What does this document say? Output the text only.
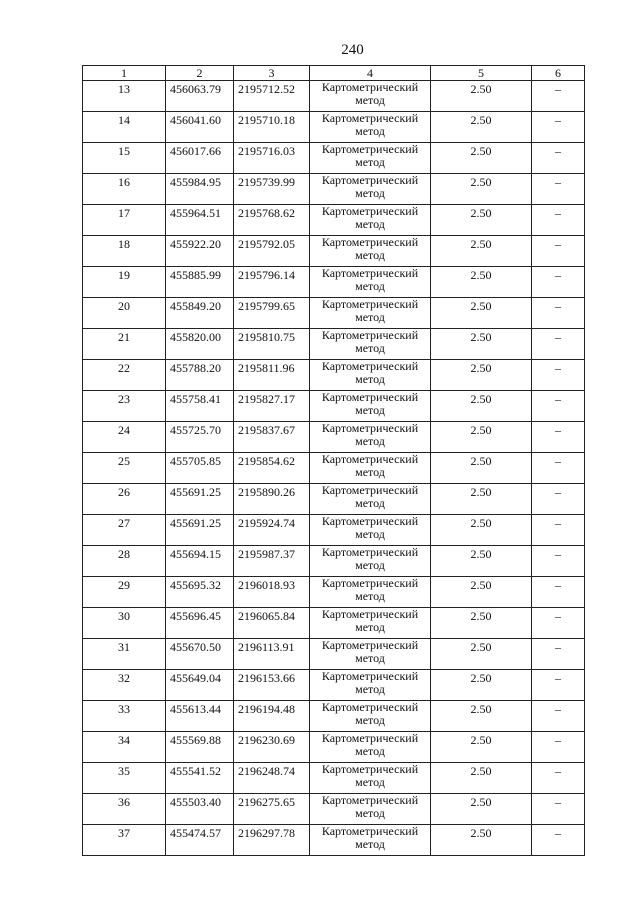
240
1	2	3	4	5	6
13	456063.79	2195712.52	Картометрический метод	2.50	–
14	456041.60	2195710.18	Картометрический метод	2.50	–
15	456017.66	2195716.03	Картометрический метод	2.50	–
16	455984.95	2195739.99	Картометрический метод	2.50	–
17	455964.51	2195768.62	Картометрический метод	2.50	–
18	455922.20	2195792.05	Картометрический метод	2.50	–
19	455885.99	2195796.14	Картометрический метод	2.50	–
20	455849.20	2195799.65	Картометрический метод	2.50	–
21	455820.00	2195810.75	Картометрический метод	2.50	–
22	455788.20	2195811.96	Картометрический метод	2.50	–
23	455758.41	2195827.17	Картометрический метод	2.50	–
24	455725.70	2195837.67	Картометрический метод	2.50	–
25	455705.85	2195854.62	Картометрический метод	2.50	–
26	455691.25	2195890.26	Картометрический метод	2.50	–
27	455691.25	2195924.74	Картометрический метод	2.50	–
28	455694.15	2195987.37	Картометрический метод	2.50	–
29	455695.32	2196018.93	Картометрический метод	2.50	–
30	455696.45	2196065.84	Картометрический метод	2.50	–
31	455670.50	2196113.91	Картометрический метод	2.50	–
32	455649.04	2196153.66	Картометрический метод	2.50	–
33	455613.44	2196194.48	Картометрический метод	2.50	–
34	455569.88	2196230.69	Картометрический метод	2.50	–
35	455541.52	2196248.74	Картометрический метод	2.50	–
36	455503.40	2196275.65	Картометрический метод	2.50	–
37	455474.57	2196297.78	Картометрический метод	2.50	–
